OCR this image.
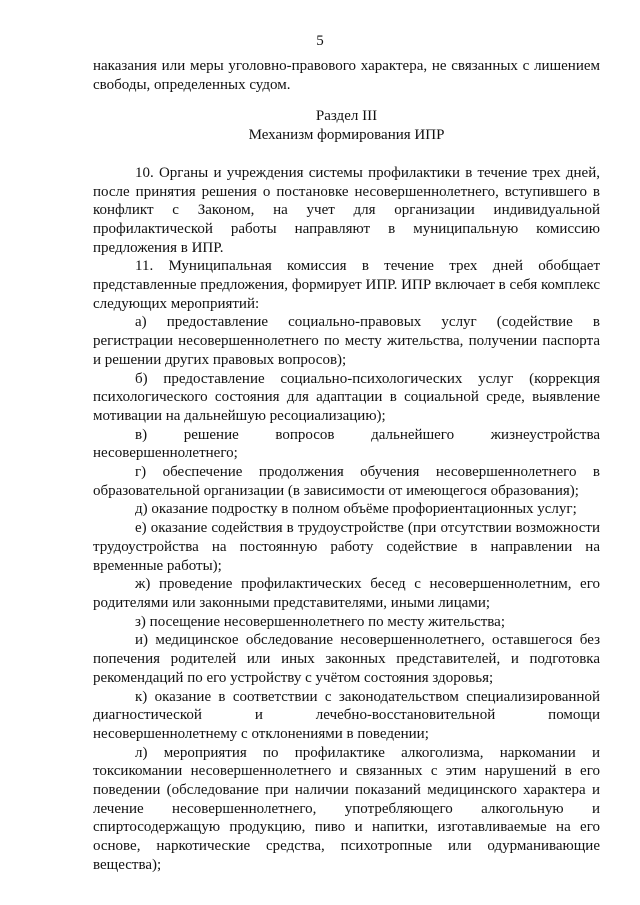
5

наказания или меры уголовно-правового характера, не связанных с лишением свободы, определенных судом.

Раздел III
Механизм формирования ИПР

10. Органы и учреждения системы профилактики в течение трех дней, после принятия решения о постановке несовершеннолетнего, вступившего в конфликт с Законом, на учет для организации индивидуальной профилактической работы направляют в муниципальную комиссию предложения в ИПР.

11. Муниципальная комиссия в течение трех дней обобщает представленные предложения, формирует ИПР. ИПР включает в себя комплекс следующих мероприятий:

а) предоставление социально-правовых услуг (содействие в регистрации несовершеннолетнего по месту жительства, получении паспорта и решении других правовых вопросов);

б) предоставление социально-психологических услуг (коррекция психологического состояния для адаптации в социальной среде, выявление мотивации на дальнейшую ресоциализацию);

в) решение вопросов дальнейшего жизнеустройства несовершеннолетнего;

г) обеспечение продолжения обучения несовершеннолетнего в образовательной организации (в зависимости от имеющегося образования);

д) оказание подростку в полном объёме профориентационных услуг;

е) оказание содействия в трудоустройстве (при отсутствии возможности трудоустройства на постоянную работу содействие в направлении на временные работы);

ж) проведение профилактических бесед с несовершеннолетним, его родителями или законными представителями, иными лицами;

з) посещение несовершеннолетнего по месту жительства;

и) медицинское обследование несовершеннолетнего, оставшегося без попечения родителей или иных законных представителей, и подготовка рекомендаций по его устройству с учётом состояния здоровья;

к) оказание в соответствии с законодательством специализированной диагностической и лечебно-восстановительной помощи несовершеннолетнему с отклонениями в поведении;

л) мероприятия по профилактике алкоголизма, наркомании и токсикомании несовершеннолетнего и связанных с этим нарушений в его поведении (обследование при наличии показаний медицинского характера и лечение несовершеннолетнего, употребляющего алкогольную и спиртосодержащую продукцию, пиво и напитки, изготавливаемые на его основе, наркотические средства, психотропные или одурманивающие вещества);
